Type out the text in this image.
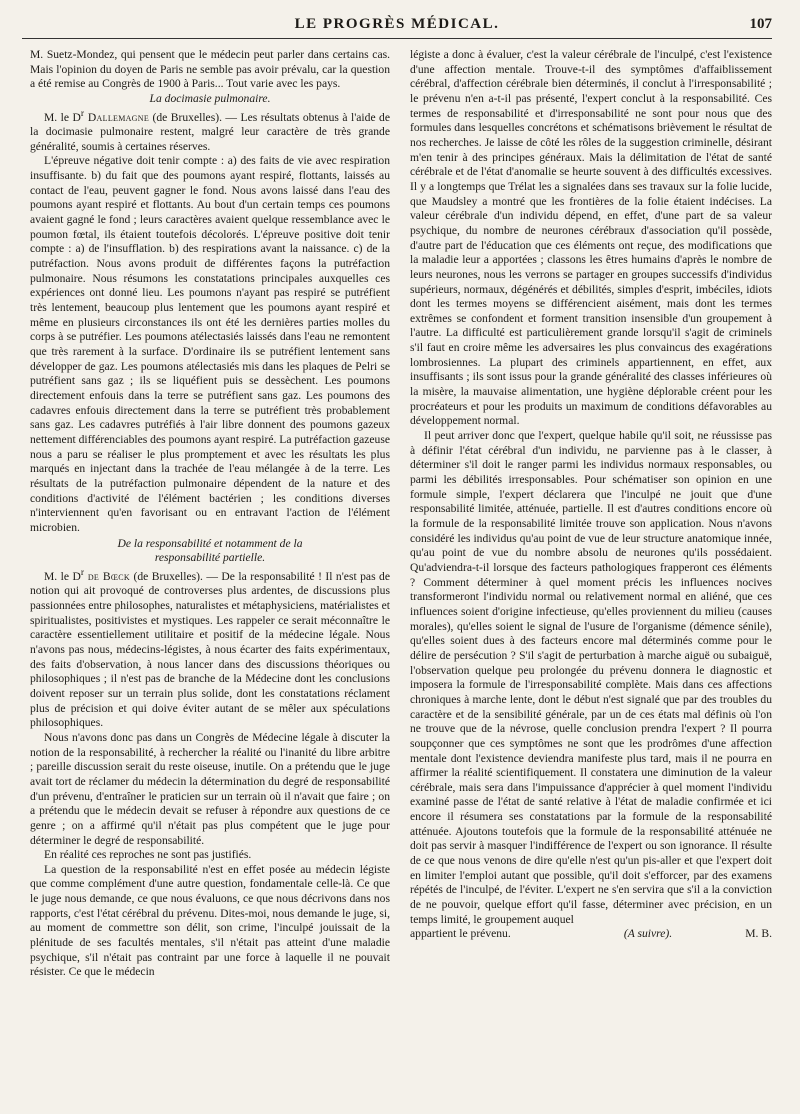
LE PROGRÈS MÉDICAL.	107

M. Suetz-Mondez, qui pensent que le médecin peut parler dans certains cas. Mais l'opinion du doyen de Paris ne semble pas avoir prévalu, car la question a été remise au Congrès de 1900 à Paris... Tout varie avec les pays.

La docimasie pulmonaire.

M. le $D^r$ Dallemagne (de Bruxelles). — Les résultats obtenus à l'aide de la docimasie pulmonaire restent, malgré leur caractère de très grande généralité, soumis à certaines réserves.

L'épreuve négative doit tenir compte : a) des faits de vie avec respiration insuffisante. b) du fait que des poumons ayant respiré, flottants, laissés au contact de l'eau, peuvent gagner le fond. Nous avons laissé dans l'eau des poumons ayant respiré et flottants. Au bout d'un certain temps ces poumons avaient gagné le fond ; leurs caractères avaient quelque ressemblance avec le poumon fœtal, ils étaient toutefois décolorés. L'épreuve positive doit tenir compte : a) de l'insufflation. b) des respirations avant la naissance. c) de la putréfaction. Nous avons produit de différentes façons la putréfaction pulmonaire. Nous résumons les constatations principales auxquelles ces expériences ont donné lieu. Les poumons n'ayant pas respiré se putréfient très lentement, beaucoup plus lentement que les poumons ayant respiré et même en plusieurs circonstances ils ont été les dernières parties molles du corps à se putréfier. Les poumons atélectasiés laissés dans l'eau ne remontent que très rarement à la surface. D'ordinaire ils se putréfient lentement sans développer de gaz. Les poumons atélectasiés mis dans les plaques de Pelri se putréfient sans gaz ; ils se liquéfient puis se dessèchent. Les poumons directement enfouis dans la terre se putréfient sans gaz. Les poumons des cadavres enfouis directement dans la terre se putréfient très probablement sans gaz. Les cadavres putréfiés à l'air libre donnent des poumons gazeux nettement différenciables des poumons ayant respiré. La putréfaction gazeuse nous a paru se réaliser le plus promptement et avec les résultats les plus marqués en injectant dans la trachée de l'eau mélangée à de la terre. Les résultats de la putréfaction pulmonaire dépendent de la nature et des conditions d'activité de l'élément bactérien ; les conditions diverses n'interviennent qu'en favorisant ou en entravant l'action de l'élément microbien.

De la responsabilité et notamment de la
responsabilité partielle.

M. le $D^r$ de Bœck (de Bruxelles). — De la responsabilité ! Il n'est pas de notion qui ait provoqué de controverses plus ardentes, de discussions plus passionnées entre philosophes, naturalistes et métaphysiciens, matérialistes et spiritualistes, positivistes et mystiques. Les rappeler ce serait méconnaître le caractère essentiellement utilitaire et positif de la médecine légale. Nous n'avons pas nous, médecins-légistes, à nous écarter des faits expérimentaux, des faits d'observation, à nous lancer dans des discussions théoriques ou philosophiques ; il n'est pas de branche de la Médecine dont les conclusions doivent reposer sur un terrain plus solide, dont les constatations réclament plus de précision et qui doive éviter autant de se mêler aux spéculations philosophiques.

Nous n'avons donc pas dans un Congrès de Médecine légale à discuter la notion de la responsabilité, à rechercher la réalité ou l'inanité du libre arbitre ; pareille discussion serait du reste oiseuse, inutile. On a prétendu que le juge avait tort de réclamer du médecin la détermination du degré de responsabilité d'un prévenu, d'entraîner le praticien sur un terrain où il n'avait que faire ; on a prétendu que le médecin devait se refuser à répondre aux questions de ce genre ; on a affirmé qu'il n'était pas plus compétent que le juge pour déterminer le degré de responsabilité.

En réalité ces reproches ne sont pas justifiés.

La question de la responsabilité n'est en effet posée au médecin légiste que comme complément d'une autre question, fondamentale celle-là. Ce que le juge nous demande, ce que nous évaluons, ce que nous décrivons dans nos rapports, c'est l'état cérébral du prévenu. Dites-moi, nous demande le juge, si, au moment de commettre son délit, son crime, l'inculpé jouissait de la plénitude de ses facultés mentales, s'il n'était pas atteint d'une maladie psychique, s'il n'était pas contraint par une force à laquelle il ne pouvait résister. Ce que le médecin

légiste a donc à évaluer, c'est la valeur cérébrale de l'inculpé, c'est l'existence d'une affection mentale. Trouve-t-il des symptômes d'affaiblissement cérébral, d'affection cérébrale bien déterminés, il conclut à l'irresponsabilité ; le prévenu n'en a-t-il pas présenté, l'expert conclut à la responsabilité. Ces termes de responsabilité et d'irresponsabilité ne sont pour nous que des formules dans lesquelles concrétons et schématisons brièvement le résultat de nos recherches. Je laisse de côté les rôles de la suggestion criminelle, désirant m'en tenir à des principes généraux. Mais la délimitation de l'état de santé cérébrale et de l'état d'anomalie se heurte souvent à des difficultés excessives. Il y a longtemps que Trélat les a signalées dans ses travaux sur la folie lucide, que Maudsley a montré que les frontières de la folie étaient indécises. La valeur cérébrale d'un individu dépend, en effet, d'une part de sa valeur psychique, du nombre de neurones cérébraux d'association qu'il possède, d'autre part de l'éducation que ces éléments ont reçue, des modifications que la maladie leur a apportées ; classons les êtres humains d'après le nombre de leurs neurones, nous les verrons se partager en groupes successifs d'individus supérieurs, normaux, dégénérés et débilités, simples d'esprit, imbéciles, idiots dont les termes moyens se différencient aisément, mais dont les termes extrêmes se confondent et forment transition insensible d'un groupement à l'autre. La difficulté est particulièrement grande lorsqu'il s'agit de criminels s'il faut en croire même les adversaires les plus convaincus des exagérations lombrosiennes. La plupart des criminels appartiennent, en effet, aux insuffisants ; ils sont issus pour la grande généralité des classes inférieures où la misère, la mauvaise alimentation, une hygiène déplorable créent pour les procréateurs et pour les produits un maximum de conditions défavorables au développement normal.

Il peut arriver donc que l'expert, quelque habile qu'il soit, ne réussisse pas à définir l'état cérébral d'un individu, ne parvienne pas à le classer, à déterminer s'il doit le ranger parmi les individus normaux responsables, ou parmi les débilités irresponsables. Pour schématiser son opinion en une formule simple, l'expert déclarera que l'inculpé ne jouit que d'une responsabilité limitée, atténuée, partielle. Il est d'autres conditions encore où la formule de la responsabilité limitée trouve son application. Nous n'avons considéré les individus qu'au point de vue de leur structure anatomique innée, qu'au point de vue du nombre absolu de neurones qu'ils possédaient. Qu'adviendra-t-il lorsque des facteurs pathologiques frapperont ces éléments ? Comment déterminer à quel moment précis les influences nocives transformeront l'individu normal ou relativement normal en aliéné, que ces influences soient d'origine infectieuse, qu'elles proviennent du milieu (causes morales), qu'elles soient le signal de l'usure de l'organisme (démence sénile), qu'elles soient dues à des facteurs encore mal déterminés comme pour le délire de persécution ? S'il s'agit de perturbation à marche aiguë ou subaiguë, l'observation quelque peu prolongée du prévenu donnera le diagnostic et imposera la formule de l'irresponsabilité complète. Mais dans ces affections chroniques à marche lente, dont le début n'est signalé que par des troubles du caractère et de la sensibilité générale, par un de ces états mal définis où l'on ne trouve que de la névrose, quelle conclusion prendra l'expert ? Il pourra soupçonner que ces symptômes ne sont que les prodrômes d'une affection mentale dont l'existence deviendra manifeste plus tard, mais il ne pourra en affirmer la réalité scientifiquement. Il constatera une diminution de la valeur cérébrale, mais sera dans l'impuissance d'apprécier à quel moment l'individu examiné passe de l'état de santé relative à l'état de maladie confirmée et ici encore il résumera ses constatations par la formule de la responsabilité atténuée. Ajoutons toutefois que la formule de la responsabilité atténuée ne doit pas servir à masquer l'indifférence de l'expert ou son ignorance. Il résulte de ce que nous venons de dire qu'elle n'est qu'un pis-aller et que l'expert doit en limiter l'emploi autant que possible, qu'il doit s'efforcer, par des examens répétés de l'inculpé, de l'éviter. L'expert ne s'en servira que s'il a la conviction de ne pouvoir, quelque effort qu'il fasse, déterminer avec précision, en un temps limité, le groupement auquel

appartient le prévenu.	(A suivre).	M. B.
